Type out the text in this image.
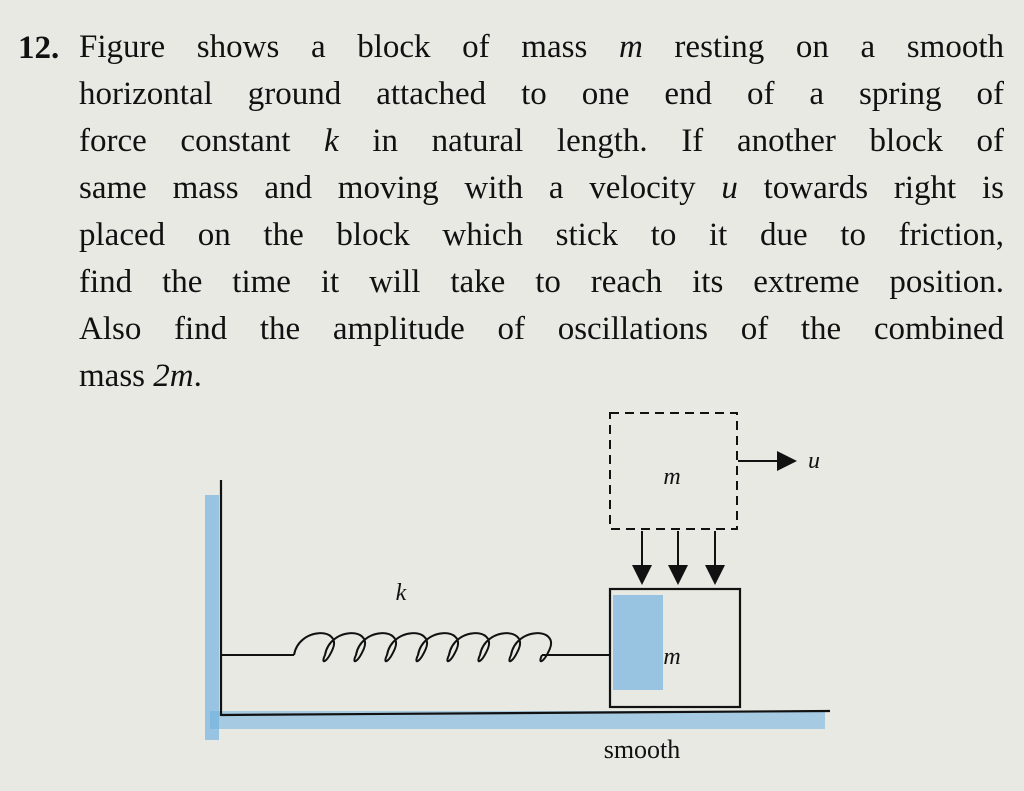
12. Figure shows a block of mass m resting on a smooth
horizontal ground attached to one end of a spring of
force constant k in natural length. If another block of
same mass and moving with a velocity u towards right is
placed on the block which stick to it due to friction,
find the time it will take to reach its extreme position.
Also find the amplitude of oscillations of the combined
mass 2m.
k
m
m
u
smooth
